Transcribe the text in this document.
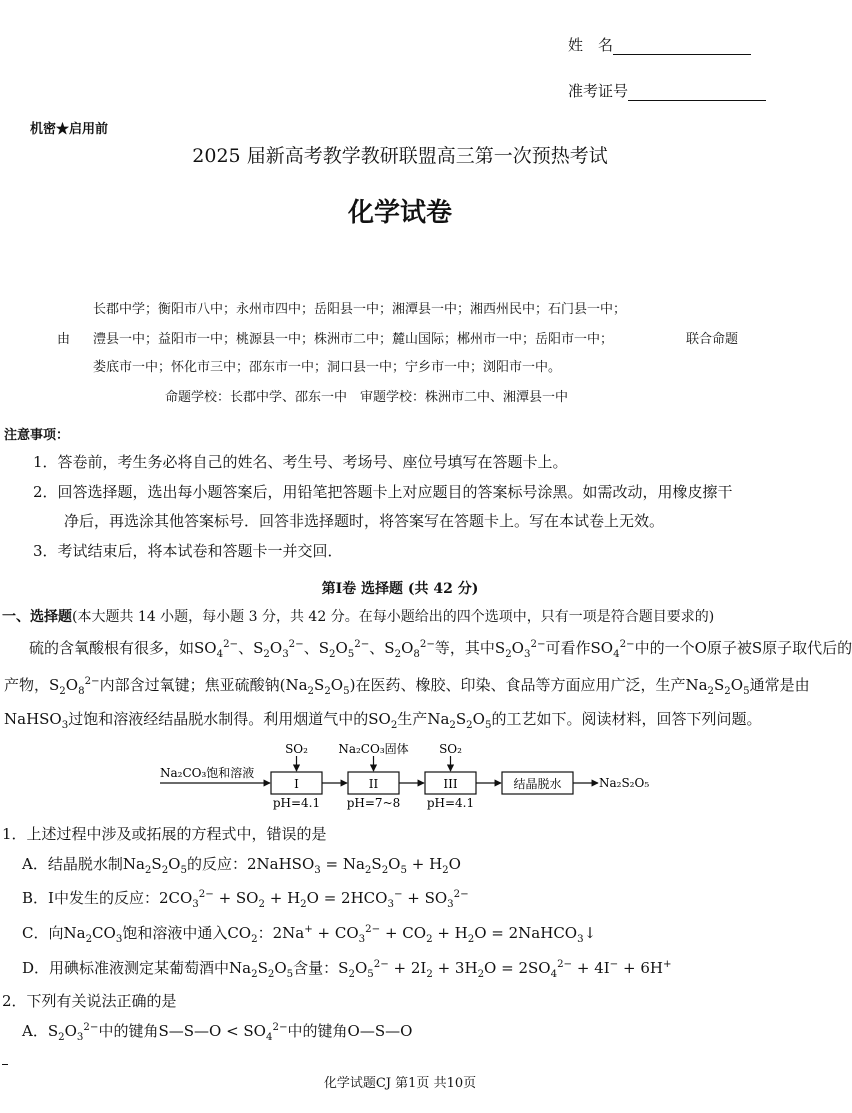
姓　名
准考证号
机密★启用前
2025 届新高考教学教研联盟高三第一次预热考试
化学试卷
长郡中学；衡阳市八中；永州市四中；岳阳县一中；湘潭县一中；湘西州民中；石门县一中；
由 澧县一中；益阳市一中；桃源县一中；株洲市二中；麓山国际；郴州市一中；岳阳市一中；	联合命题
娄底市一中；怀化市三中；邵东市一中；洞口县一中；宁乡市一中；浏阳市一中。
命题学校：长郡中学、邵东一中　审题学校：株洲市二中、湘潭县一中
注意事项：
1．答卷前，考生务必将自己的姓名、考生号、考场号、座位号填写在答题卡上。
2．回答选择题，选出每小题答案后，用铅笔把答题卡上对应题目的答案标号涂黑。如需改动，用橡皮擦干
净后，再选涂其他答案标号．回答非选择题时，将答案写在答题卡上。写在本试卷上无效。
3．考试结束后，将本试卷和答题卡一并交回．
第Ⅰ卷 选择题 (共 42 分)
一、选择题(本大题共 14 小题，每小题 3 分，共 42 分。在每小题给出的四个选项中，只有一项是符合题目要求的)
硫的含氧酸根有很多，如$SO_4^{2-}$、$S_2O_3^{2-}$、$S_2O_5^{2-}$、$S_2O_8^{2-}$等，其中$S_2O_3^{2-}$可看作$SO_4^{2-}$中的一个O原子被S原子取代后的
产物，$S_2O_8^{2-}$内部含过氧键；焦亚硫酸钠$(Na_2S_2O_5)$在医药、橡胶、印染、食品等方面应用广泛，生产$Na_2S_2O_5$通常是由
NaHSO$_3$过饱和溶液经结晶脱水制得。利用烟道气中的$SO_2$生产$Na_2S_2O_5$的工艺如下。阅读材料，回答下列问题。
Na₂CO₃饱和溶液
I
SO₂
pH=4.1
II
Na₂CO₃固体
pH=7~8
III
SO₂
pH=4.1
结晶脱水	Na₂S₂O₅
1．上述过程中涉及或拓展的方程式中，错误的是
A．结晶脱水制$Na_2S_2O_5$的反应：2NaHSO$_3$ = $Na_2S_2O_5 + H_2O$
B．I中发生的反应：$2CO_3^{2-} + SO_2 + H_2O = 2HCO_3^- + SO_3^{2-}$
C．向$Na_2CO_3$饱和溶液中通入$CO_2$：$2Na^+ + CO_3^{2-} + CO_2 + H_2O$ = 2NaHCO$_3$↓
D．用碘标准液测定某葡萄酒中$Na_2S_2O_5$含量：$S_2O_5^{2-} + 2I_2 + 3H_2O = 2SO_4^{2-} + 4I^- + 6H^+$
2．下列有关说法正确的是
A．$S_2O_3^{2-}$中的键角S—S—O < $SO_4^{2-}$中的键角O—S—O
化学试题CJ 第1页 共10页
